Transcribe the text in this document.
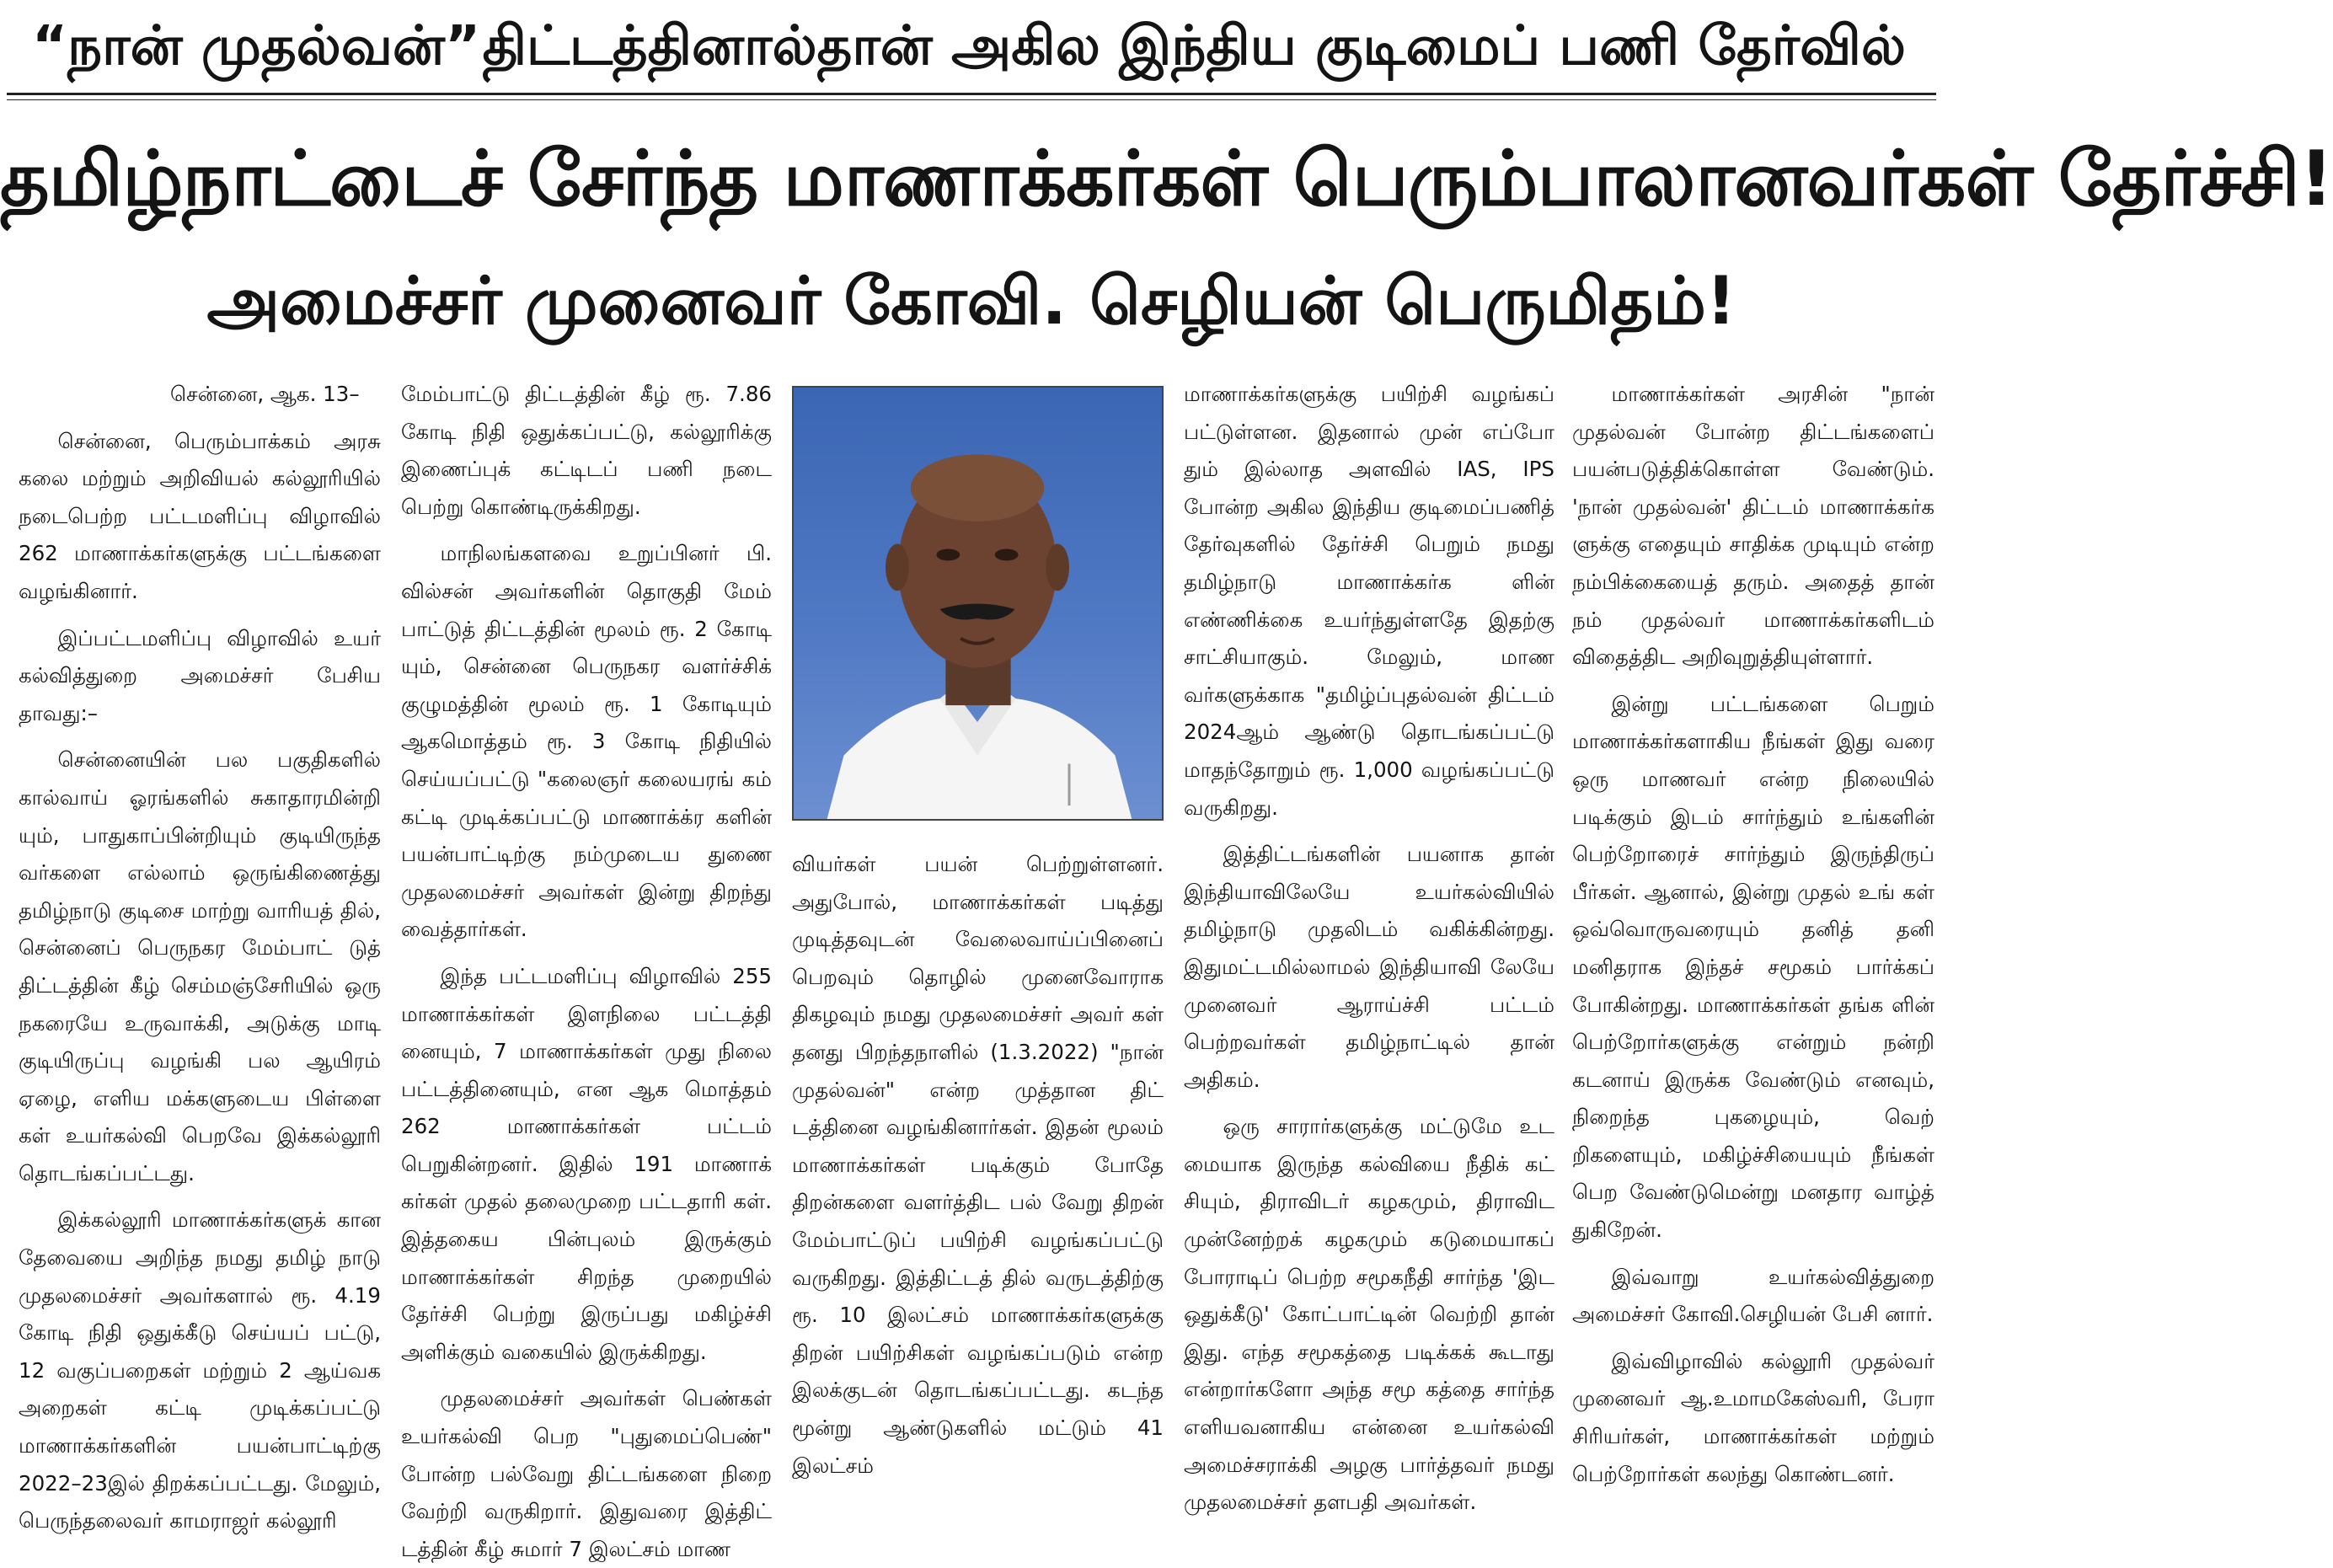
“நான் முதல்வன்” திட்டத்தினால்தான் அகில இந்திய குடிமைப் பணி தேர்வில்
தமிழ்நாட்டைச் சேர்ந்த மாணாக்கர்கள் பெரும்பாலானவர்கள் தேர்ச்சி!
அமைச்சர் முனைவர் கோவி. செழியன் பெருமிதம்!

சென்னை, ஆக. 13–

சென்னை, பெரும்பாக்கம் அரசு கலை மற்றும் அறிவியல் கல்லூரியில் நடைபெற்ற பட்டமளிப்பு விழாவில் 262 மாணாக்கர்களுக்கு பட்டங்களை வழங்கினார்.

இப்பட்டமளிப்பு விழாவில் உயர் கல்வித்துறை அமைச்சர் பேசிய தாவது:–

சென்னையின் பல பகுதிகளில் கால்வாய் ஓரங்களில் சுகாதாரமின்றி யும், பாதுகாப்பின்றியும் குடியிருந்த வர்களை எல்லாம் ஒருங்கிணைத்து தமிழ்நாடு குடிசை மாற்று வாரியத் தில், சென்னைப் பெருநகர மேம்பாட் டுத் திட்டத்தின் கீழ் செம்மஞ்சேரியில் ஒரு நகரையே உருவாக்கி, அடுக்கு மாடி குடியிருப்பு வழங்கி பல ஆயிரம் ஏழை, எளிய மக்களுடைய பிள்ளை கள் உயர்கல்வி பெறவே இக்கல்லூரி தொடங்கப்பட்டது.

இக்கல்லூரி மாணாக்கர்களுக் கான தேவையை அறிந்த நமது தமிழ் நாடு முதலமைச்சர் அவர்களால் ரூ. 4.19 கோடி நிதி ஒதுக்கீடு செய்யப் பட்டு, 12 வகுப்பறைகள் மற்றும் 2 ஆய்வக அறைகள் கட்டி முடிக்கப்பட்டு மாணாக்கர்களின் பயன்பாட்டிற்கு 2022–23இல் திறக்கப்பட்டது. மேலும், பெருந்தலைவர் காமராஜர் கல்லூரி

மேம்பாட்டு திட்டத்தின் கீழ் ரூ. 7.86 கோடி நிதி ஒதுக்கப்பட்டு, கல்லூரிக்கு இணைப்புக் கட்டிடப் பணி நடை பெற்று கொண்டிருக்கிறது.

மாநிலங்களவை உறுப்பினர் பி. வில்சன் அவர்களின் தொகுதி மேம் பாட்டுத் திட்டத்தின் மூலம் ரூ. 2 கோடி யும், சென்னை பெருநகர வளர்ச்சிக் குழுமத்தின் மூலம் ரூ. 1 கோடியும் ஆகமொத்தம் ரூ. 3 கோடி நிதியில் செய்யப்பட்டு "கலைஞர் கலையரங் கம் கட்டி முடிக்கப்பட்டு மாணாக்க்ர களின் பயன்பாட்டிற்கு நம்முடைய துணை முதலமைச்சர் அவர்கள் இன்று திறந்து வைத்தார்கள்.

இந்த பட்டமளிப்பு விழாவில் 255 மாணாக்கர்கள் இளநிலை பட்டத்தி னையும், 7 மாணாக்கர்கள் முது நிலை பட்டத்தினையும், என ஆக மொத்தம் 262 மாணாக்கர்கள் பட்டம் பெறுகின்றனர். இதில் 191 மாணாக் கர்கள் முதல் தலைமுறை பட்டதாரி கள். இத்தகைய பின்புலம் இருக்கும் மாணாக்கர்கள் சிறந்த முறையில் தேர்ச்சி பெற்று இருப்பது மகிழ்ச்சி அளிக்கும் வகையில் இருக்கிறது.

முதலமைச்சர் அவர்கள் பெண்கள் உயர்கல்வி பெற "புதுமைப்பெண்" போன்ற பல்வேறு திட்டங்களை நிறை வேற்றி வருகிறார். இதுவரை இத்திட் டத்தின் கீழ் சுமார் 7 இலட்சம் மாண

வியர்கள் பயன் பெற்றுள்ளனர். அதுபோல், மாணாக்கர்கள் படித்து முடித்தவுடன் வேலைவாய்ப்பினைப் பெறவும் தொழில் முனைவோராக திகழவும் நமது முதலமைச்சர் அவர் கள் தனது பிறந்தநாளில் (1.3.2022) "நான் முதல்வன்" என்ற முத்தான திட் டத்தினை வழங்கினார்கள். இதன் மூலம் மாணாக்கர்கள் படிக்கும் போதே திறன்களை வளர்த்திட பல் வேறு திறன் மேம்பாட்டுப் பயிற்சி வழங்கப்பட்டு வருகிறது. இத்திட்டத் தில் வருடத்திற்கு ரூ. 10 இலட்சம் மாணாக்கர்களுக்கு திறன் பயிற்சிகள் வழங்கப்படும் என்ற இலக்குடன் தொடங்கப்பட்டது. கடந்த மூன்று ஆண்டுகளில் மட்டும் 41 இலட்சம்

மாணாக்கர்களுக்கு பயிற்சி வழங்கப் பட்டுள்ளன. இதனால் முன் எப்போ தும் இல்லாத அளவில் IAS, IPS போன்ற அகில இந்திய குடிமைப்பணித் தேர்வுகளில் தேர்ச்சி பெறும் நமது தமிழ்நாடு மாணாக்கர்க ளின் எண்ணிக்கை உயர்ந்துள்ளதே இதற்கு சாட்சியாகும். மேலும், மாண வர்களுக்காக "தமிழ்ப்புதல்வன் திட்டம் 2024ஆம் ஆண்டு தொடங்கப்பட்டு மாதந்தோறும் ரூ. 1,000 வழங்கப்பட்டு வருகிறது.

இத்திட்டங்களின் பயனாக தான் இந்தியாவிலேயே உயர்கல்வியில் தமிழ்நாடு முதலிடம் வகிக்கின்றது. இதுமட்டமில்லாமல் இந்தியாவி லேயே முனைவர் ஆராய்ச்சி பட்டம் பெற்றவர்கள் தமிழ்நாட்டில் தான் அதிகம்.

ஒரு சாரார்களுக்கு மட்டுமே உட மையாக இருந்த கல்வியை நீதிக் கட் சியும், திராவிடர் கழகமும், திராவிட முன்னேற்றக் கழகமும் கடுமையாகப் போராடிப் பெற்ற சமூகநீதி சார்ந்த 'இட ஒதுக்கீடு' கோட்பாட்டின் வெற்றி தான் இது. எந்த சமூகத்தை படிக்கக் கூடாது என்றார்களோ அந்த சமூ கத்தை சார்ந்த எளியவனாகிய என்னை உயர்கல்வி அமைச்சராக்கி அழகு பார்த்தவர் நமது முதலமைச்சர் தளபதி அவர்கள்.

மாணாக்கர்கள் அரசின் "நான் முதல்வன் போன்ற திட்டங்களைப் பயன்படுத்திக்கொள்ள வேண்டும். 'நான் முதல்வன்' திட்டம் மாணாக்கர்க ளுக்கு எதையும் சாதிக்க முடியும் என்ற நம்பிக்கையைத் தரும். அதைத் தான் நம் முதல்வர் மாணாக்கர்களிடம் விதைத்திட அறிவுறுத்தியுள்ளார்.

இன்று பட்டங்களை பெறும் மாணாக்கர்களாகிய நீங்கள் இது வரை ஒரு மாணவர் என்ற நிலையில் படிக்கும் இடம் சார்ந்தும் உங்களின் பெற்றோரைச் சார்ந்தும் இருந்திருப் பீர்கள். ஆனால், இன்று முதல் உங் கள் ஒவ்வொருவரையும் தனித் தனி மனிதராக இந்தச் சமூகம் பார்க்கப் போகின்றது. மாணாக்கர்கள் தங்க ளின் பெற்றோர்களுக்கு என்றும் நன்றி கடனாய் இருக்க வேண்டும் எனவும், நிறைந்த புகழையும், வெற் றிகளையும், மகிழ்ச்சியையும் நீங்கள் பெற வேண்டுமென்று மனதார வாழ்த் துகிறேன்.

இவ்வாறு உயர்கல்வித்துறை அமைச்சர் கோவி.செழியன் பேசி னார்.

இவ்விழாவில் கல்லூரி முதல்வர் முனைவர் ஆ.உமாமகேஸ்வரி, பேரா சிரியர்கள், மாணாக்கர்கள் மற்றும் பெற்றோர்கள் கலந்து கொண்டனர்.
